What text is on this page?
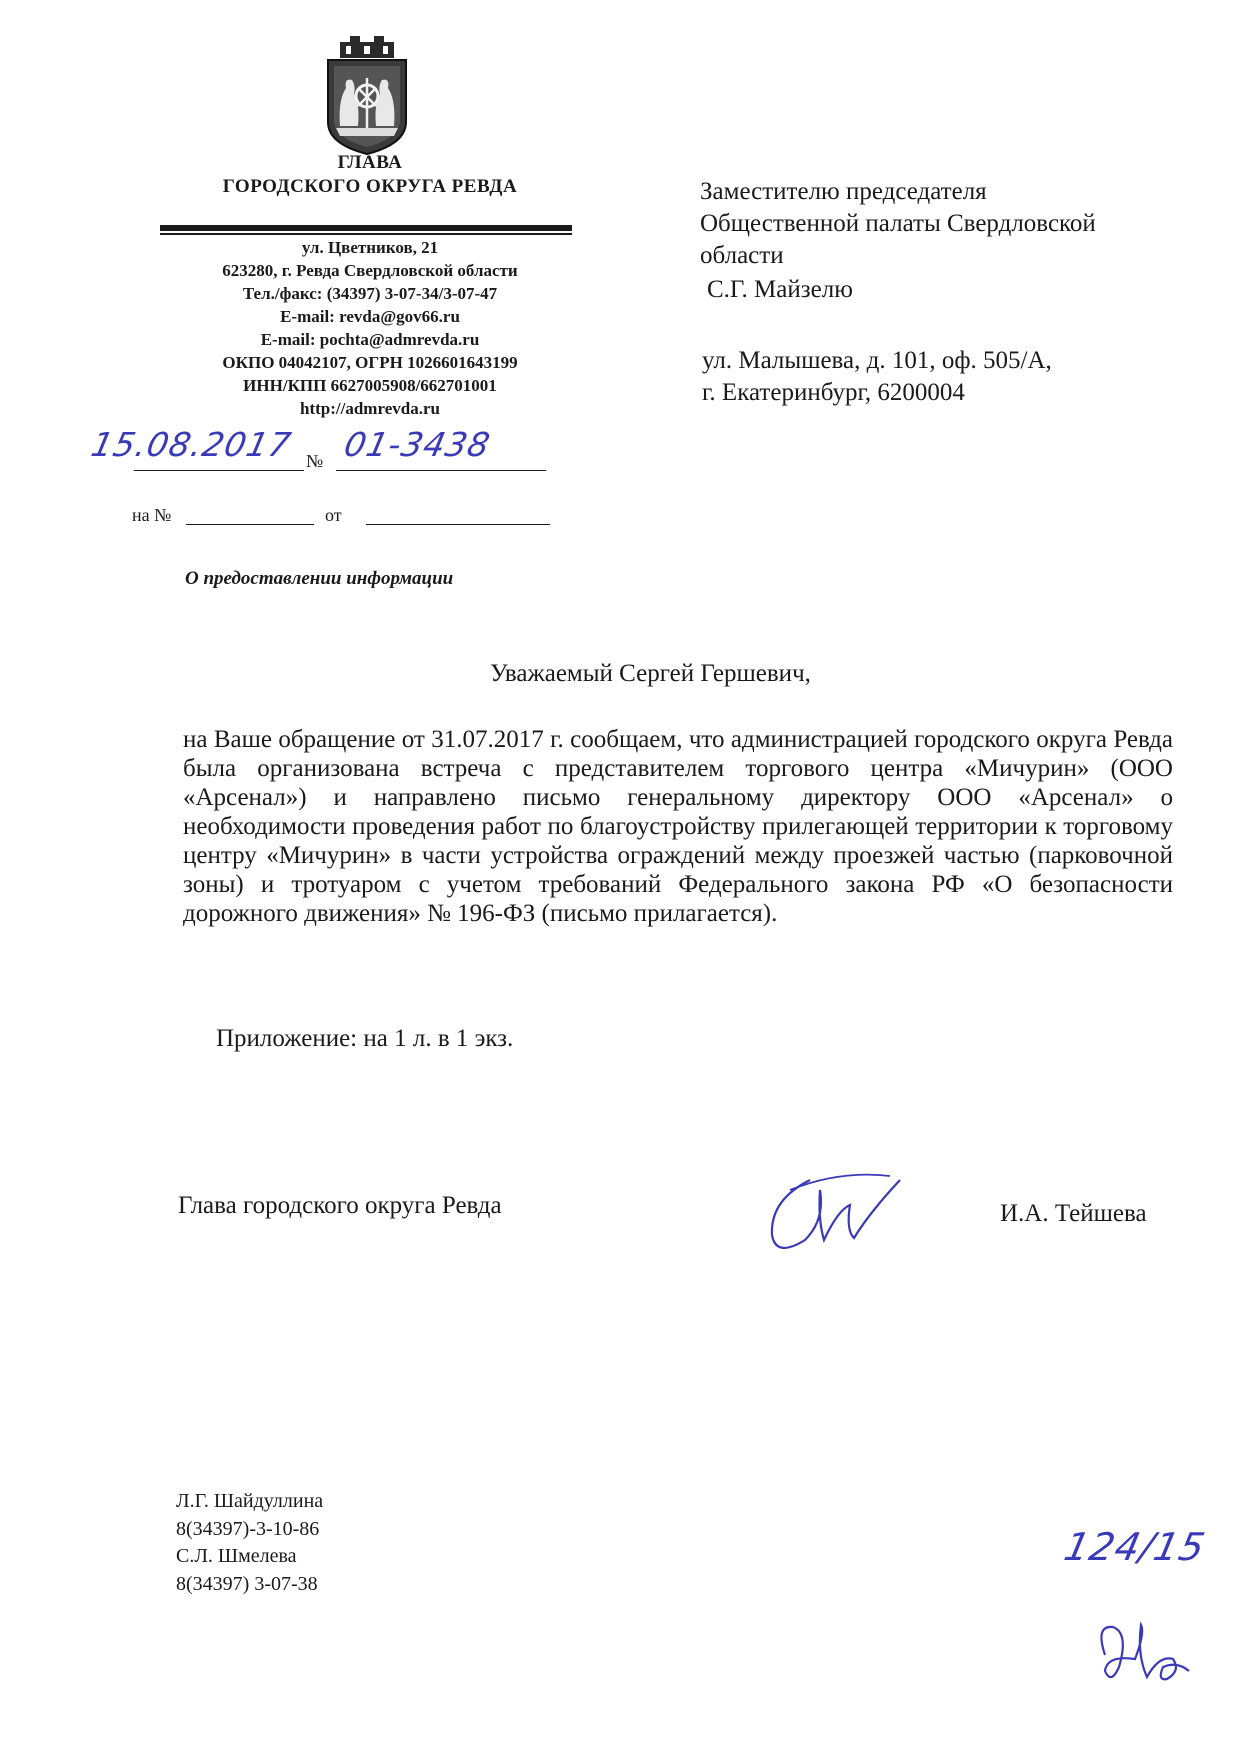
ГЛАВА
ГОРОДСКОГО ОКРУГА РЕВДА
ул. Цветников, 21
623280, г. Ревда Свердловской области
Тел./факс: (34397) 3-07-34/3-07-47
E-mail: revda@gov66.ru
E-mail: pochta@admrevda.ru
ОКПО 04042107, ОГРН 1026601643199
ИНН/КПП 6627005908/662701001
http://admrevda.ru
15.08.2017 № 01-3438
на №	от
О предоставлении информации
Заместителю председателя
Общественной палаты Свердловской
области
С.Г. Майзелю
ул. Малышева, д. 101, оф. 505/А,
г. Екатеринбург, 6200004
Уважаемый Сергей Гершевич,
на Ваше обращение от 31.07.2017 г. сообщаем, что администрацией городского округа Ревда была организована встреча с представителем торгового центра «Мичурин» (ООО «Арсенал») и направлено письмо генеральному директору ООО «Арсенал» о необходимости проведения работ по благоустройству прилегающей территории к торговому центру «Мичурин» в части устройства ограждений между проезжей частью (парковочной зоны) и тротуаром с учетом требований Федерального закона РФ «О безопасности дорожного движения» № 196-ФЗ (письмо прилагается).
Приложение: на 1 л. в 1 экз.
Глава городского округа Ревда	И.А. Тейшева
Л.Г. Шайдуллина
8(34397)-3-10-86
С.Л. Шмелева
8(34397) 3-07-38
124/15
